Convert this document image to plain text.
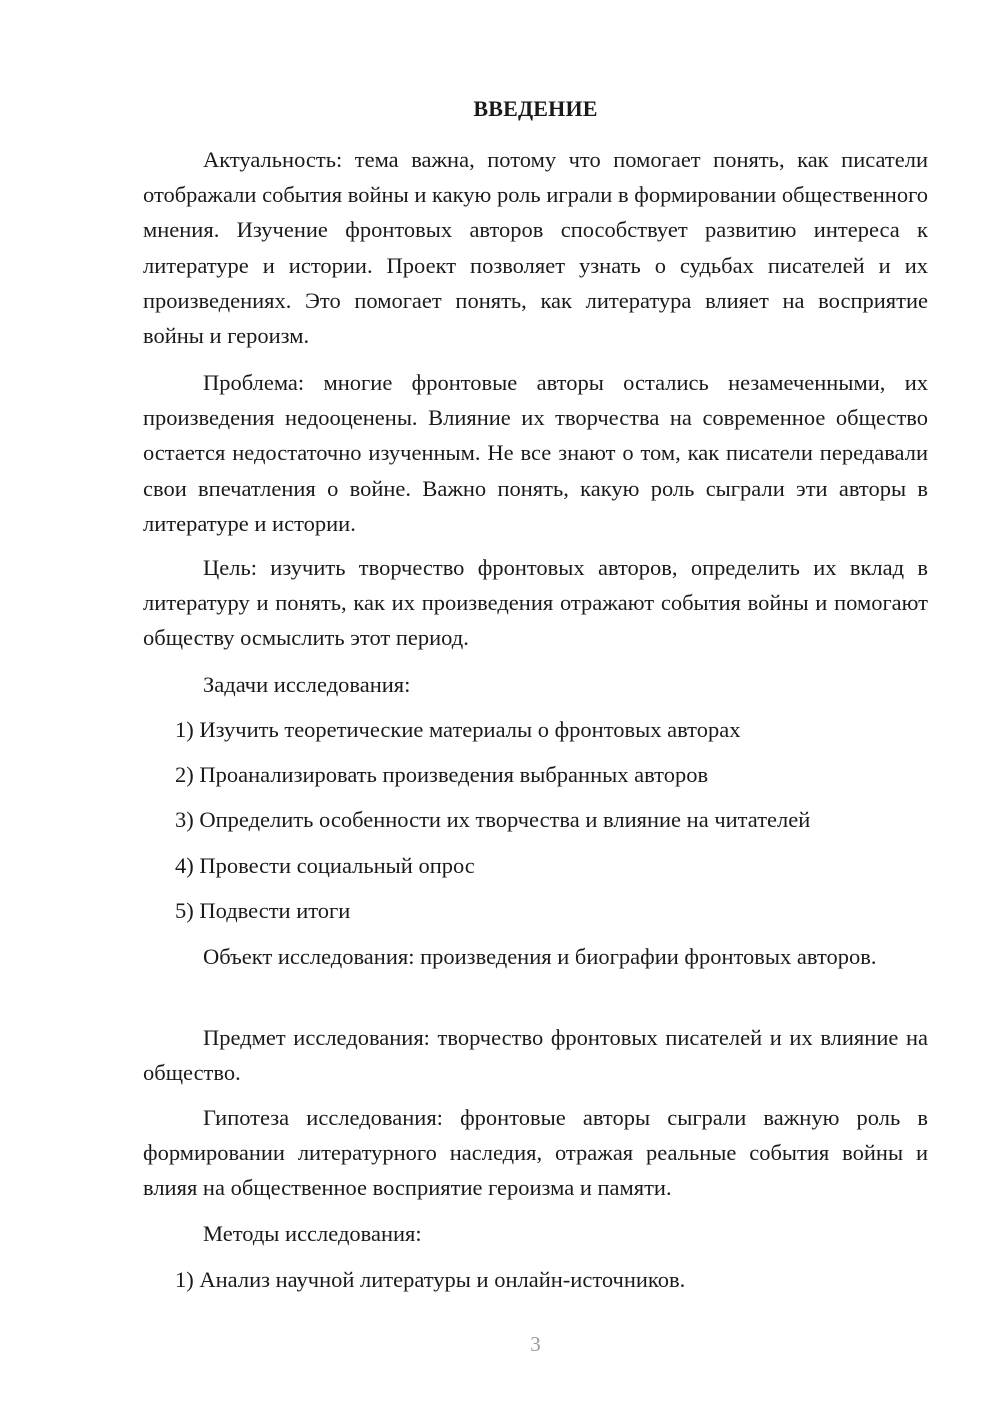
ВВЕДЕНИЕ

Актуальность: тема важна, потому что помогает понять, как писатели отображали события войны и какую роль играли в формировании общественного мнения. Изучение фронтовых авторов способствует развитию интереса к литературе и истории. Проект позволяет узнать о судьбах писателей и их произведениях. Это помогает понять, как литература влияет на восприятие войны и героизм.

Проблема: многие фронтовые авторы остались незамеченными, их произведения недооценены. Влияние их творчества на современное общество остается недостаточно изученным. Не все знают о том, как писатели передавали свои впечатления о войне. Важно понять, какую роль сыграли эти авторы в литературе и истории.

Цель: изучить творчество фронтовых авторов, определить их вклад в литературу и понять, как их произведения отражают события войны и помогают обществу осмыслить этот период.

Задачи исследования:
1) Изучить теоретические материалы о фронтовых авторах
2) Проанализировать произведения выбранных авторов
3) Определить особенности их творчества и влияние на читателей
4) Провести социальный опрос
5) Подвести итоги

Объект исследования: произведения и биографии фронтовых авторов.

Предмет исследования: творчество фронтовых писателей и их влияние на общество.

Гипотеза исследования: фронтовые авторы сыграли важную роль в формировании литературного наследия, отражая реальные события войны и влияя на общественное восприятие героизма и памяти.

Методы исследования:
1) Анализ научной литературы и онлайн-источников.
3
